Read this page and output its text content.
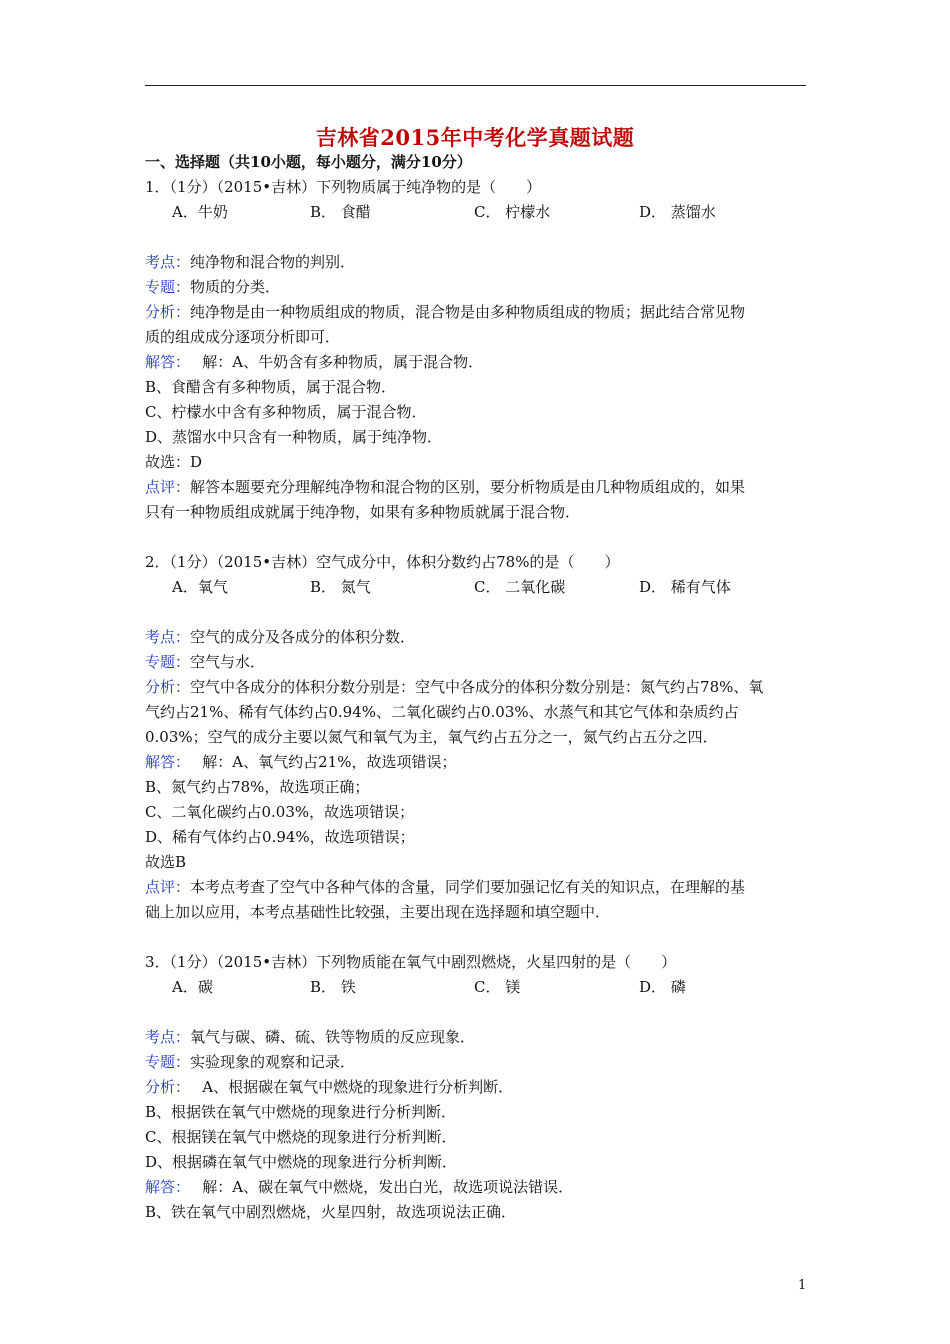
吉林省2015年中考化学真题试题
一、选择题（共10小题，每小题分，满分10分）
1．（1分）（2015•吉林）下列物质属于纯净物的是（　　）
A．牛奶	B． 食醋	C． 柠檬水	D． 蒸馏水
考点：纯净物和混合物的判别．
专题：物质的分类．
分析：纯净物是由一种物质组成的物质，混合物是由多种物质组成的物质；据此结合常见物
质的组成成分逐项分析即可．
解答：　 解：A、牛奶含有多种物质，属于混合物．
B、食醋含有多种物质，属于混合物．
C、柠檬水中含有多种物质，属于混合物．
D、蒸馏水中只含有一种物质，属于纯净物．
故选：D
点评：解答本题要充分理解纯净物和混合物的区别，要分析物质是由几种物质组成的，如果
只有一种物质组成就属于纯净物，如果有多种物质就属于混合物．
2．（1分）（2015•吉林）空气成分中，体积分数约占78%的是（　　）
A．氧气	B． 氮气	C． 二氧化碳	D． 稀有气体
考点：空气的成分及各成分的体积分数．
专题：空气与水．
分析：空气中各成分的体积分数分别是：空气中各成分的体积分数分别是：氮气约占78%、氧
气约占21%、稀有气体约占0.94%、二氧化碳约占0.03%、水蒸气和其它气体和杂质约占
0.03%；空气的成分主要以氮气和氧气为主，氧气约占五分之一，氮气约占五分之四．
解答：　 解：A、氧气约占21%，故选项错误；
B、氮气约占78%，故选项正确；
C、二氧化碳约占0.03%，故选项错误；
D、稀有气体约占0.94%，故选项错误；
故选B
点评：本考点考查了空气中各种气体的含量，同学们要加强记忆有关的知识点，在理解的基
础上加以应用，本考点基础性比较强，主要出现在选择题和填空题中．
3．（1分）（2015•吉林）下列物质能在氧气中剧烈燃烧，火星四射的是（　　）
A．碳	B． 铁	C． 镁	D． 磷
考点：氧气与碳、磷、硫、铁等物质的反应现象．
专题：实验现象的观察和记录．
分析：　 A、根据碳在氧气中燃烧的现象进行分析判断．
B、根据铁在氧气中燃烧的现象进行分析判断．
C、根据镁在氧气中燃烧的现象进行分析判断．
D、根据磷在氧气中燃烧的现象进行分析判断．
解答：　 解：A、碳在氧气中燃烧，发出白光，故选项说法错误．
B、铁在氧气中剧烈燃烧，火星四射，故选项说法正确．
1
